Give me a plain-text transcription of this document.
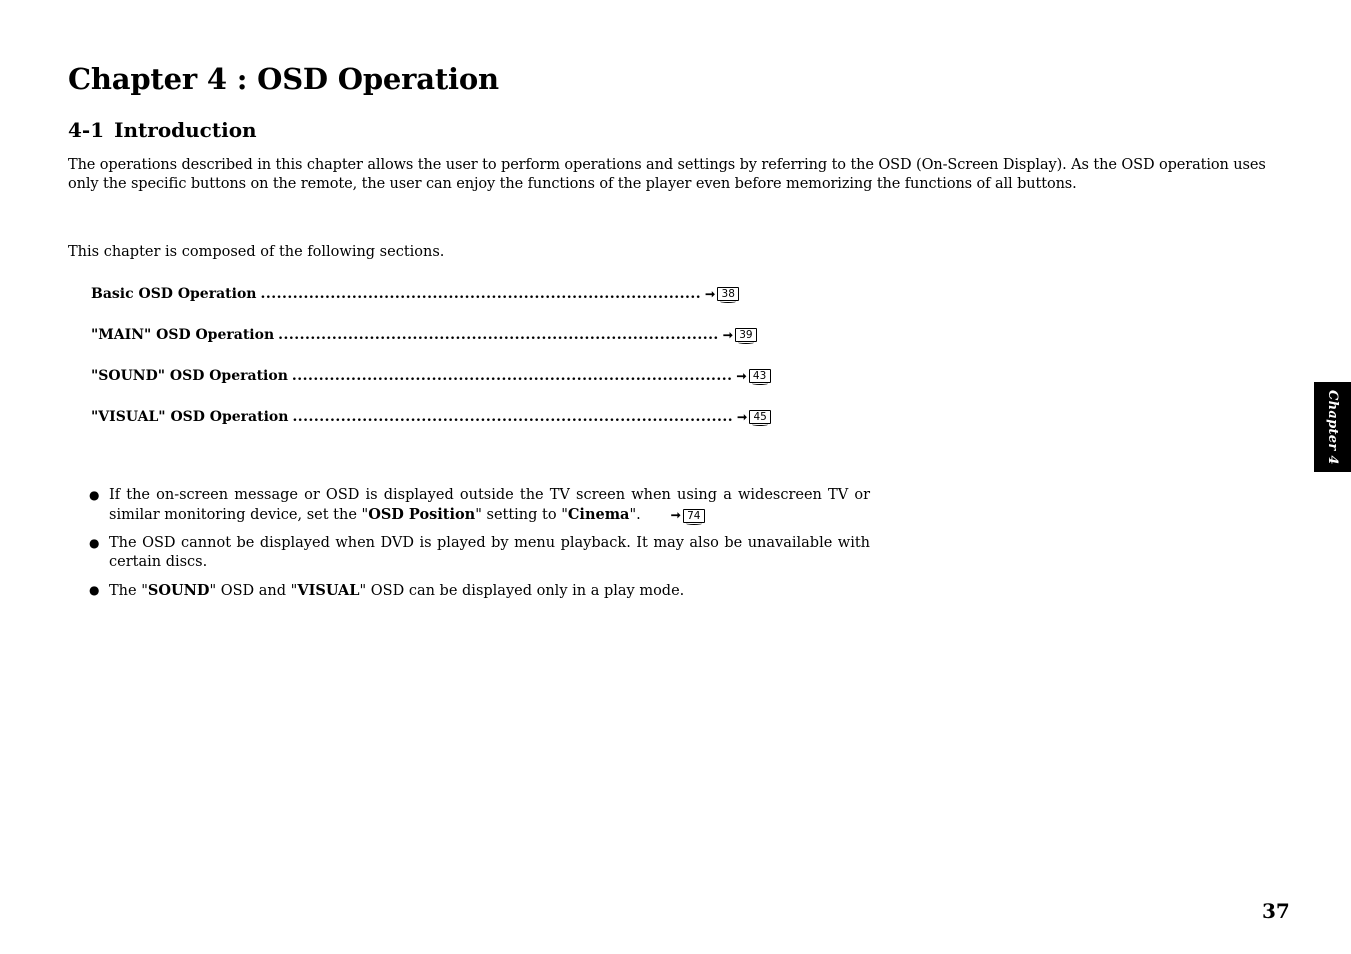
Chapter 4 : OSD Operation
4-1 Introduction

The operations described in this chapter allows the user to perform operations and settings by referring to the OSD (On-Screen Display). As the OSD operation uses only the specific buttons on the remote, the user can enjoy the functions of the player even before memorizing the functions of all buttons.

This chapter is composed of the following sections.

Basic OSD Operation .................................................................................. ➞ 38
"MAIN" OSD Operation .................................................................................. ➞ 39
"SOUND" OSD Operation .................................................................................. ➞ 43
"VISUAL" OSD Operation .................................................................................. ➞ 45
● If the on-screen message or OSD is displayed outside the TV screen when using a widescreen TV or similar monitoring device, set the "OSD Position" setting to "Cinema".	➞ 74
● The OSD cannot be displayed when DVD is played by menu playback. It may also be unavailable with certain discs.
● The "SOUND" OSD and "VISUAL" OSD can be displayed only in a play mode.
Chapter 4
37
